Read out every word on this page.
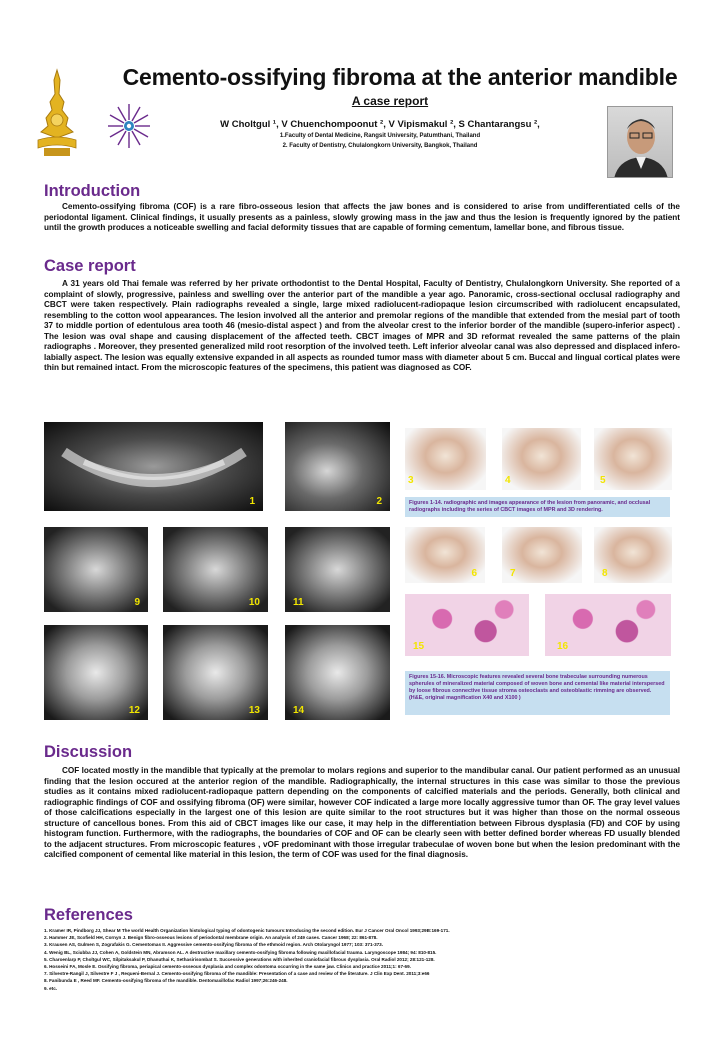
Cemento-ossifying fibroma at the anterior mandible
A case report
W Choltgul ¹, V Chuenchompoonut ², V Vipismakul ², S Chantarangsu ²,
1.Faculty of Dental Medicine, Rangsit University, Patumthani, Thailand
2. Faculty of Dentistry, Chulalongkorn University, Bangkok, Thailand
Introduction
Cemento-ossifying fibroma (COF) is a rare fibro-osseous lesion that affects the jaw bones and is considered to arise from undifferentiated cells of the periodontal ligament. Clinical findings, it usually presents as a painless, slowly growing mass in the jaw and thus the lesion is frequently ignored by the patient until the growth produces a noticeable swelling and facial deformity tissues that are capable of forming cementum, lamellar bone, and fibrous tissue.
Case report
A 31 years old Thai female was referred by her private orthodontist to the Dental Hospital, Faculty of Dentistry, Chulalongkorn University. She reported of a complaint of slowly, progressive, painless and swelling over the anterior part of the mandible a year ago. Panoramic, cross-sectional occlusal radiography and CBCT were taken respectively. Plain radiographs revealed a single, large mixed radiolucent-radiopaque lesion circumscribed with radiolucent encapsulated, resembling to the cotton wool appearances. The lesion involved all the anterior and premolar regions of the mandible that extended from the mesial part of tooth 37 to middle portion of edentulous area tooth 46 (mesio-distal aspect ) and from the alveolar crest to the inferior border of the mandible (supero-inferior aspect) . The lesion was oval shape and causing displacement of the affected teeth. CBCT images of MPR and 3D reformat revealed the same patterns of the plain radiographs . Moreover, they presented generalized mild root resorption of the involved teeth. Left inferior alveolar canal was also depressed and displaced infero-labially aspect. The lesion was equally extensive expanded in all aspects as rounded tumor mass with diameter about 5 cm. Buccal and lingual cortical plates were thin but remained intact. From the microscopic features of the specimens, this patient was diagnosed as COF.
1	2
3	4	5
Figures 1-14. radiographic and images appearance of the lesion from panoramic, and occlusal radiographs including the series of CBCT images of MPR and 3D rendering.
6	7	8
9	10	11
15	16
12	13	14
Figures 15-16. Microscopic features revealed several bone trabeculae surrounding numerous spherules of mineralized material composed of woven bone and cemental like material interspersed by loose fibrous connective tissue stroma osteoclasts and osteoblastic rimming are observed. (H&E, original magnification X40 and X100 )
Discussion
COF located mostly in the mandible that typically at the premolar to molars regions and superior to the mandibular canal. Our patient performed as an unusual finding that the lesion occured at the anterior region of the mandible. Radiographically, the internal structures in this case was similar to those the previous studies as it contains mixed radiolucent-radiopaque pattern depending on the components of calcified materials and the periods. Generally, both clinical and radiographic findings of COF and ossifying fibroma (OF) were similar, however COF indicated a large more locally aggressive tumor than OF. The gray level values of those calcifications especially in the largest one of this lesion are quite similar to the root structures but it was higher than those on the normal osseous structure of cancellous bones. From this aid of CBCT images like our case, it may help in the differentiation between Fibrous dysplasia (FD) and COF by using histogram function. Furthermore, with the radiographs, the boundaries of COF and OF can be clearly seen with better defined border whereas FD usually blended to the adjacent structures. From microscopic features , vOF predominant with those irregular trabeculae of woven bone but when the lesion predominant with the calcified component of cemental like material in this lesion, the term of COF was used for the final diagnosis.
References
1. Kramer IR, Pindborg JJ, Shear M The world Health Organization histological typing of odontogenic tumours:Introducing the second edition. Eur J Cancer Oral Oncol 1993;29B:169-171.
2. Hammer JE, Scofield HH, Cornyn J. Benign fibro-osseous lesions of periodontal membrane origin. An analysis of 249 cases. Cancer 1968; 22: 861-878.
3. Krausen AS, Gulmen S, Zografakis G. Cementomas II. Aggressive cemento-ossifying fibroma of the ethmoid region. Arch Otolaryngol 1977; 103: 371-373.
4. Wenig BL, Sciubba JJ, Cohen A, Goldstein MN, Abramson AL. A destructive maxillary cemento-ossifying fibroma following maxillofacial trauma. Laryngoscope 1984; 94: 810-815.
5. Charoenlarp P, Choltgul WC, Silpitaksakul P, Dhanuthai K, Sethasirisombat S. Successive generations with inherited craniofacial fibrous dysplasia. Oral Radiol 2012; 28:121-128.
6. Hosseini FA, Mosle E. Ossifying fibroma, periapical cemento-osseous dysplasia and complex odontoma occurring in the same jaw. Clinics and practice 2011;1: 67-69.
7. Silvestre-Rangil J, Silvestre F J , Requeni-Bernal J. Cemento-ossifying fibroma of the mandible: Presentation of a case and review of the literature. J Clin Exp Dent. 2011;3:e66
8. Fanibunda E , Reed MF. Cemento-ossifying fibroma of the mandible. Dentomaxillofac Radiol 1997;26:246-248.
9. etc.
